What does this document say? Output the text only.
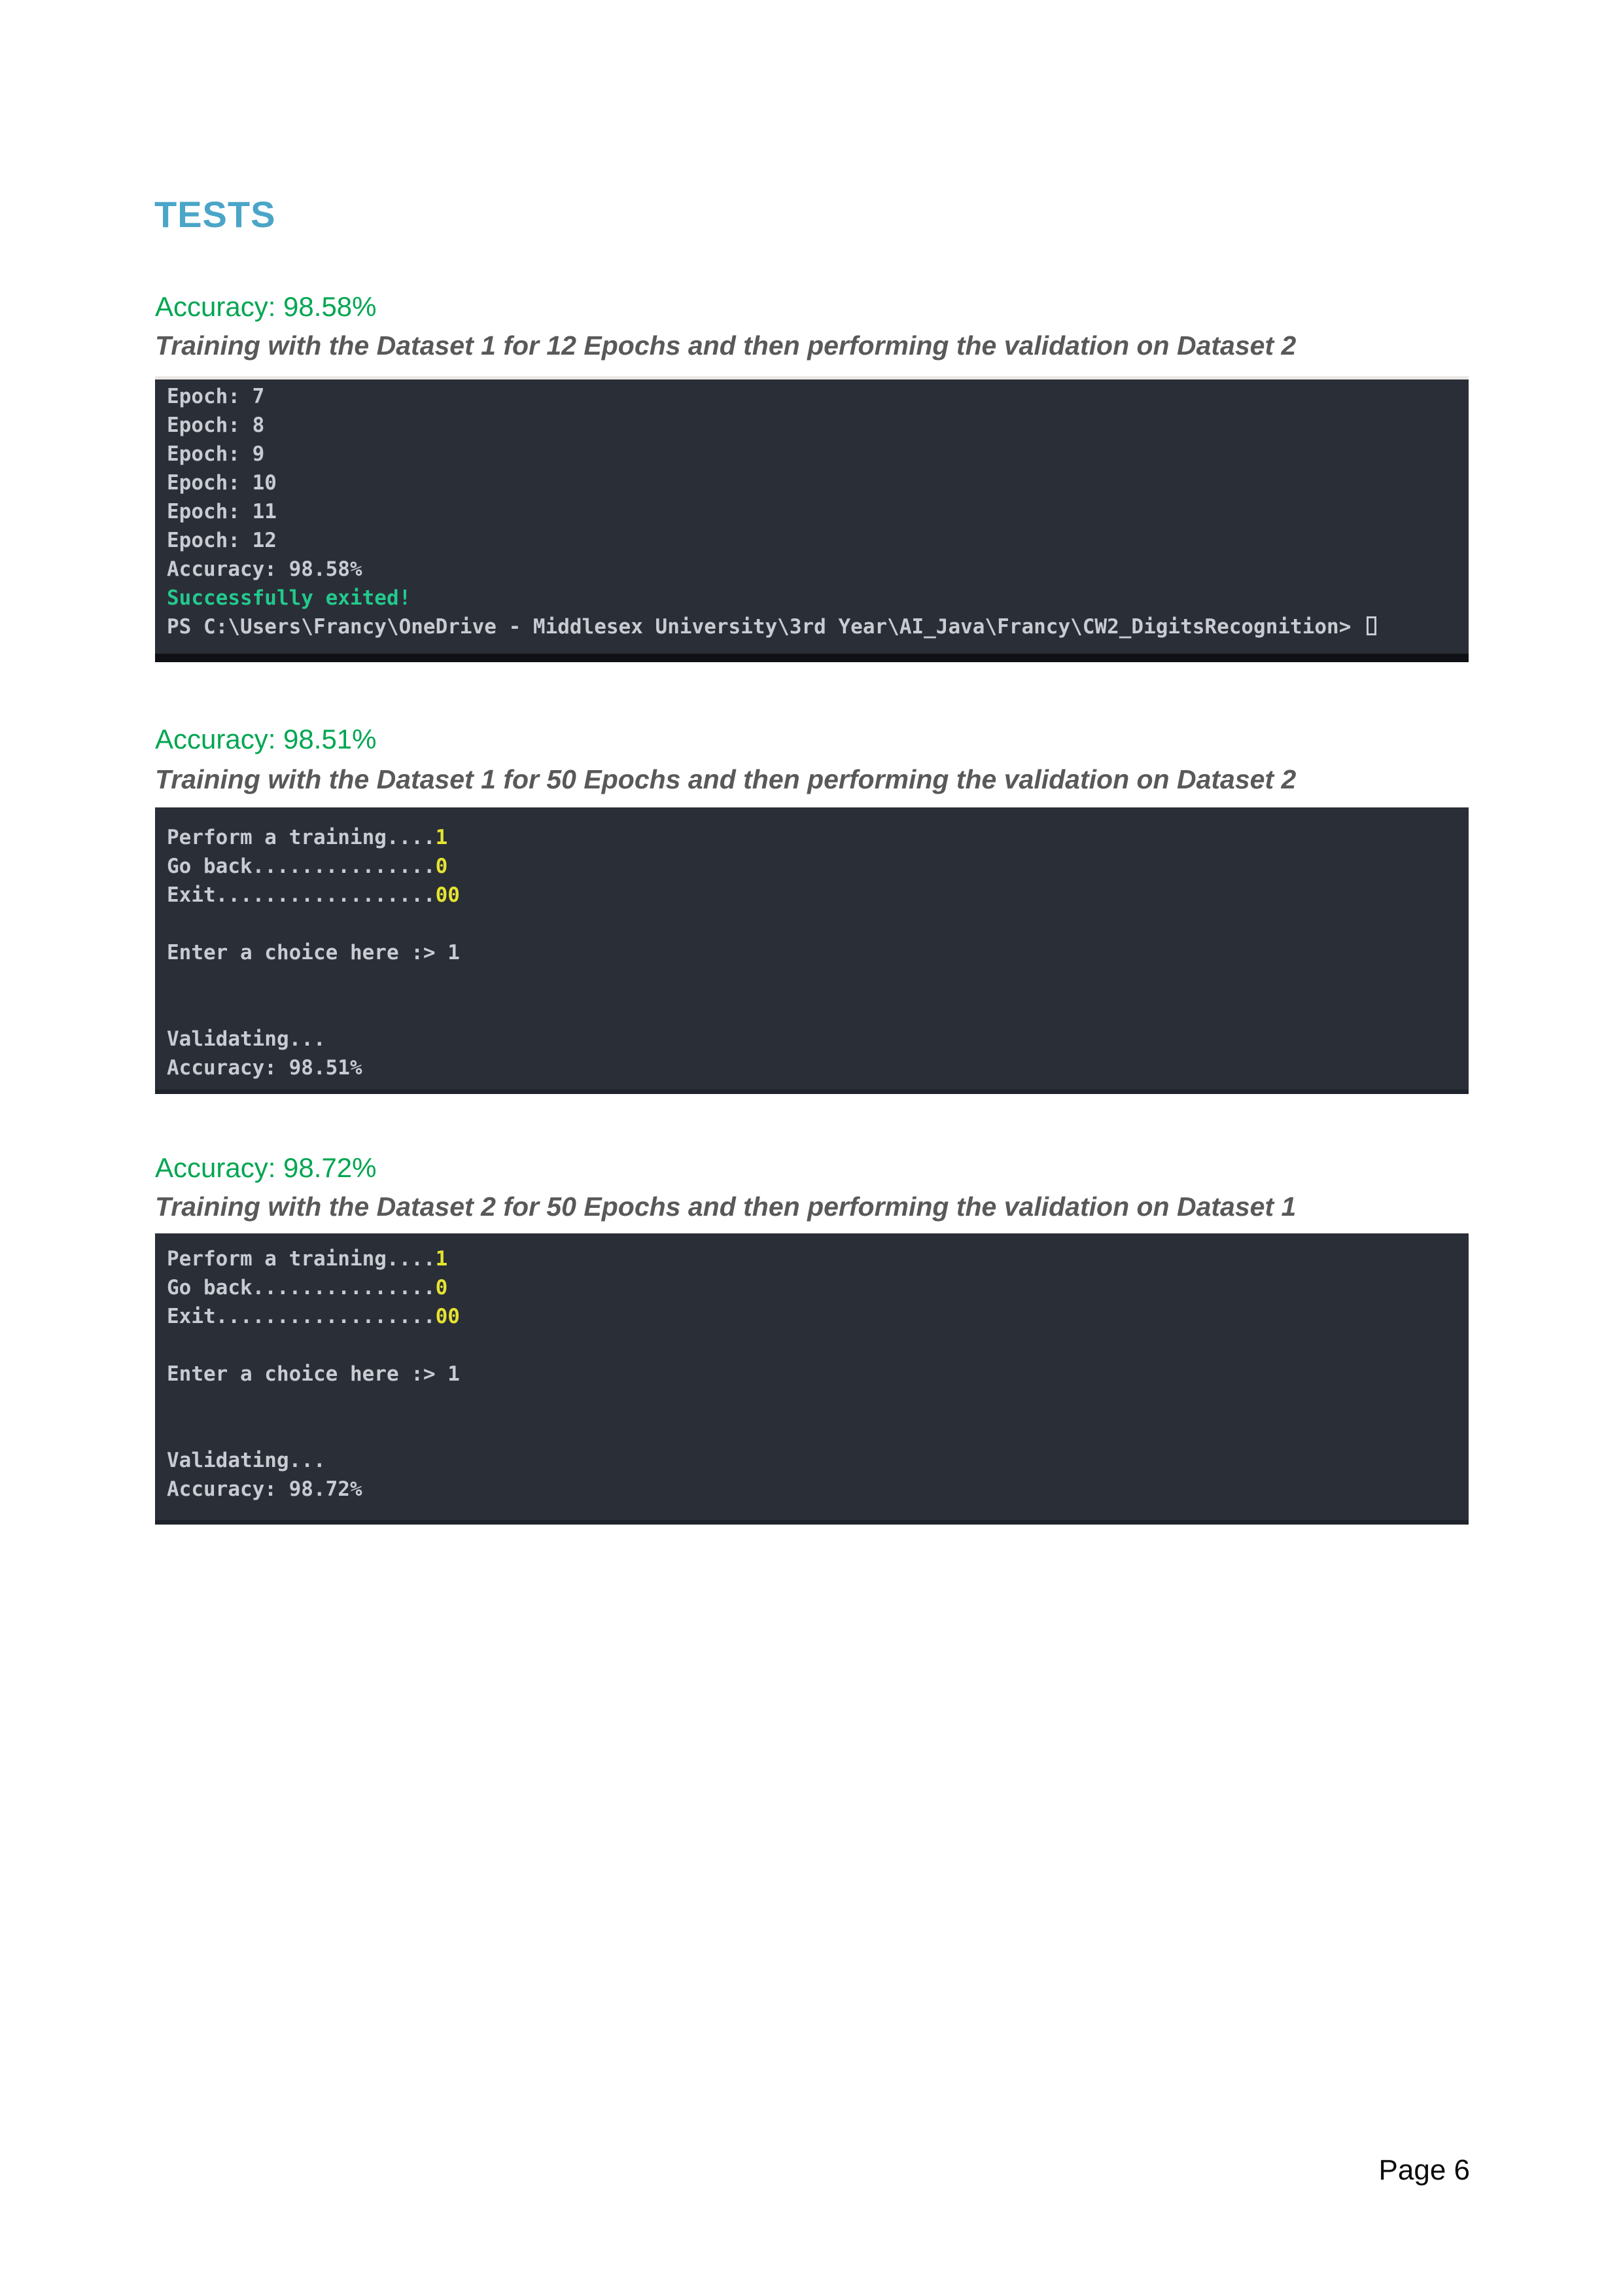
TESTS
Accuracy: 98.58%
Training with the Dataset 1 for 12 Epochs and then performing the validation on Dataset 2
Epoch: 7
Epoch: 8
Epoch: 9
Epoch: 10
Epoch: 11
Epoch: 12
Accuracy: 98.58%
Successfully exited!
PS C:\Users\Francy\OneDrive - Middlesex University\3rd Year\AI_Java\Francy\CW2_DigitsRecognition>
Accuracy: 98.51%
Training with the Dataset 1 for 50 Epochs and then performing the validation on Dataset 2
Perform a training....1
Go back...............0
Exit..................00

Enter a choice here :> 1

Validating...
Accuracy: 98.51%
Accuracy: 98.72%
Training with the Dataset 2 for 50 Epochs and then performing the validation on Dataset 1
Perform a training....1
Go back...............0
Exit..................00

Enter a choice here :> 1

Validating...
Accuracy: 98.72%
Page 6
